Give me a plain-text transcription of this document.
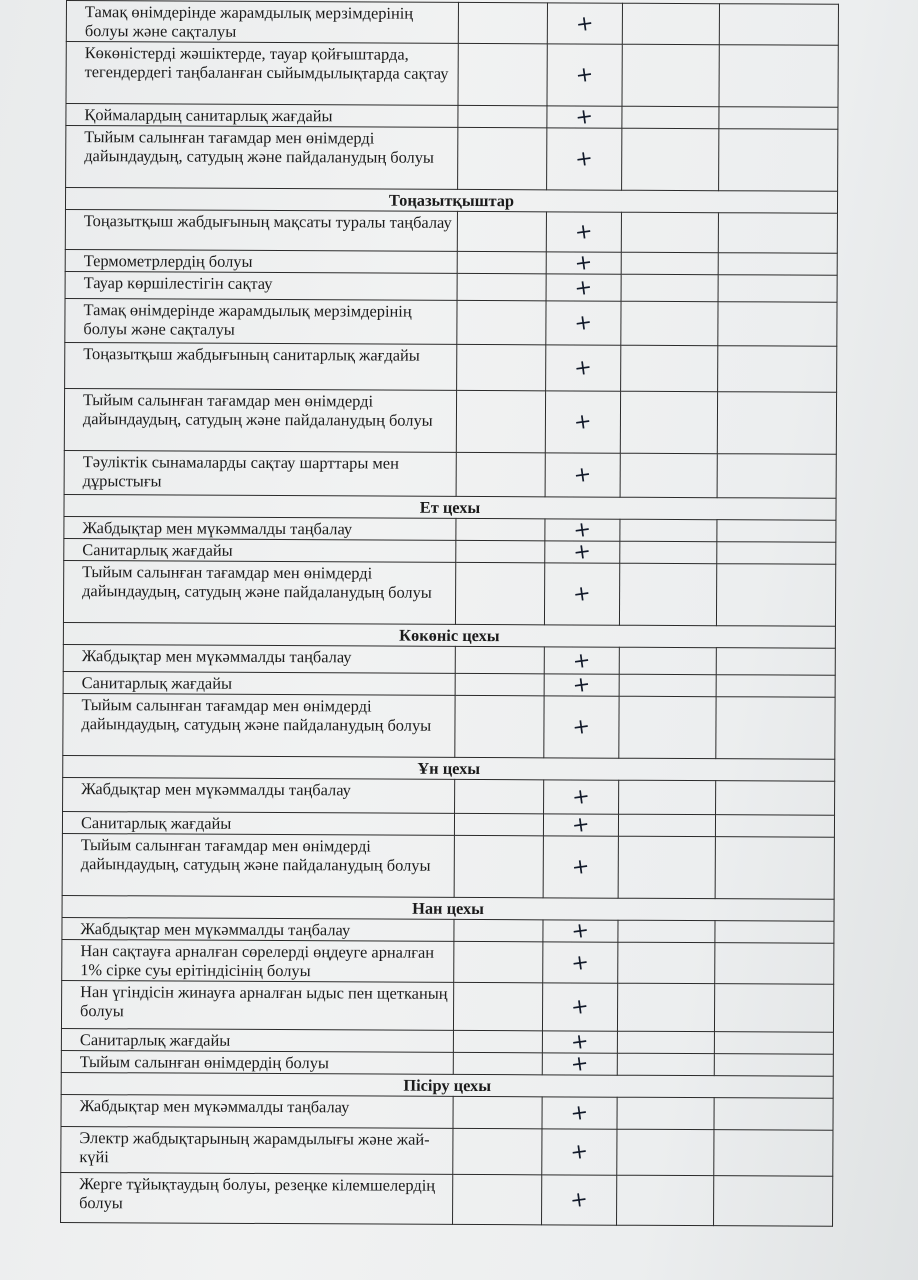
Тамақ өнімдерінде жарамдылық мерзімдерінің болуы және сақталуы		+		
Көкөністерді жәшіктерде, тауар қойғыштарда, тегендердегі таңбаланған сыйымдылықтарда сақтау		+		
Қоймалардың санитарлық жағдайы		+		
Тыйым салынған тағамдар мен өнімдерді дайындаудың, сатудың және пайдаланудың болуы		+		
Тоңазытқыштар				
Тоңазытқыш жабдығының мақсаты туралы таңбалау		+		
Термометрлердің болуы		+		
Тауар көршілестігін сақтау		+		
Тамақ өнімдерінде жарамдылық мерзімдерінің болуы және сақталуы		+		
Тоңазытқыш жабдығының санитарлық жағдайы		+		
Тыйым салынған тағамдар мен өнімдерді дайындаудың, сатудың және пайдаланудың болуы		+		
Тәуліктік сынамаларды сақтау шарттары мен дұрыстығы		+		
Ет цехы				
Жабдықтар мен мүкәммалды таңбалау		+		
Санитарлық жағдайы		+		
Тыйым салынған тағамдар мен өнімдерді дайындаудың, сатудың және пайдаланудың болуы		+		
Көкөніс цехы				
Жабдықтар мен мүкәммалды таңбалау		+		
Санитарлық жағдайы		+		
Тыйым салынған тағамдар мен өнімдерді дайындаудың, сатудың және пайдаланудың болуы		+		
Ұн цехы				
Жабдықтар мен мүкәммалды таңбалау		+		
Санитарлық жағдайы		+		
Тыйым салынған тағамдар мен өнімдерді дайындаудың, сатудың және пайдаланудың болуы		+		
Нан цехы				
Жабдықтар мен мүкәммалды таңбалау		+		
Нан сақтауға арналған сөрелерді өңдеуге арналған 1% сірке суы ерітіндісінің болуы		+		
Нан үгіндісін жинауға арналған ыдыс пен щетканың болуы		+		
Санитарлық жағдайы		+		
Тыйым салынған өнімдердің болуы		+		
Пісіру цехы				
Жабдықтар мен мүкәммалды таңбалау		+		
Электр жабдықтарының жарамдылығы және жай-күйі		+		
Жерге тұйықтаудың болуы, резеңке кілемшелердің болуы		+		
